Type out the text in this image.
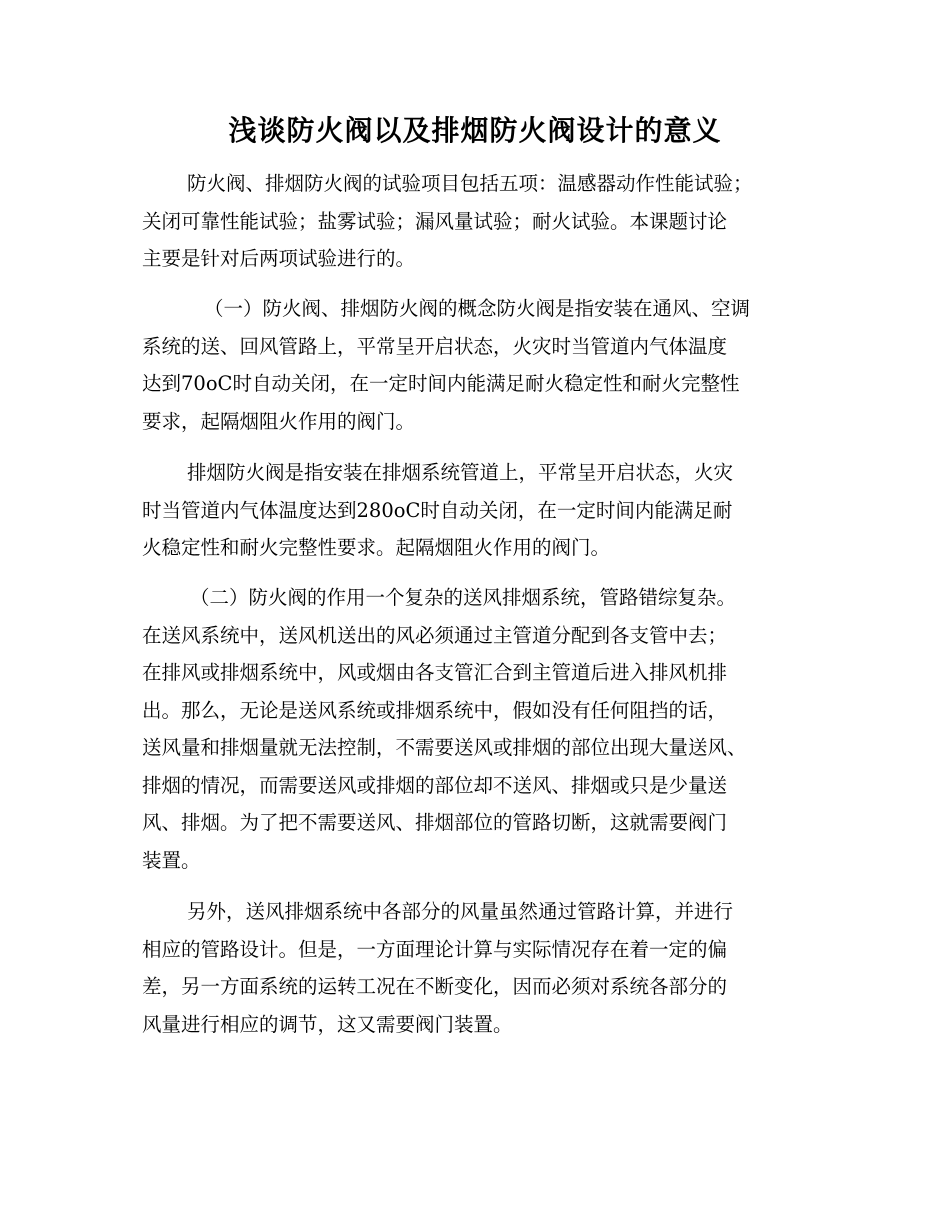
浅谈防火阀以及排烟防火阀设计的意义
防火阀、排烟防火阀的试验项目包括五项：温感器动作性能试验；
关闭可靠性能试验；盐雾试验；漏风量试验；耐火试验。本课题讨论
主要是针对后两项试验进行的。
（一）防火阀、排烟防火阀的概念防火阀是指安装在通风、空调
系统的送、回风管路上，平常呈开启状态，火灾时当管道内气体温度
达到70oC时自动关闭，在一定时间内能满足耐火稳定性和耐火完整性
要求，起隔烟阻火作用的阀门。
排烟防火阀是指安装在排烟系统管道上，平常呈开启状态，火灾
时当管道内气体温度达到280oC时自动关闭，在一定时间内能满足耐
火稳定性和耐火完整性要求。起隔烟阻火作用的阀门。
（二）防火阀的作用一个复杂的送风排烟系统，管路错综复杂。
在送风系统中，送风机送出的风必须通过主管道分配到各支管中去；
在排风或排烟系统中，风或烟由各支管汇合到主管道后进入排风机排
出。那么，无论是送风系统或排烟系统中，假如没有任何阻挡的话，
送风量和排烟量就无法控制，不需要送风或排烟的部位出现大量送风、
排烟的情况，而需要送风或排烟的部位却不送风、排烟或只是少量送
风、排烟。为了把不需要送风、排烟部位的管路切断，这就需要阀门
装置。
另外，送风排烟系统中各部分的风量虽然通过管路计算，并进行
相应的管路设计。但是，一方面理论计算与实际情况存在着一定的偏
差，另一方面系统的运转工况在不断变化，因而必须对系统各部分的
风量进行相应的调节，这又需要阀门装置。
